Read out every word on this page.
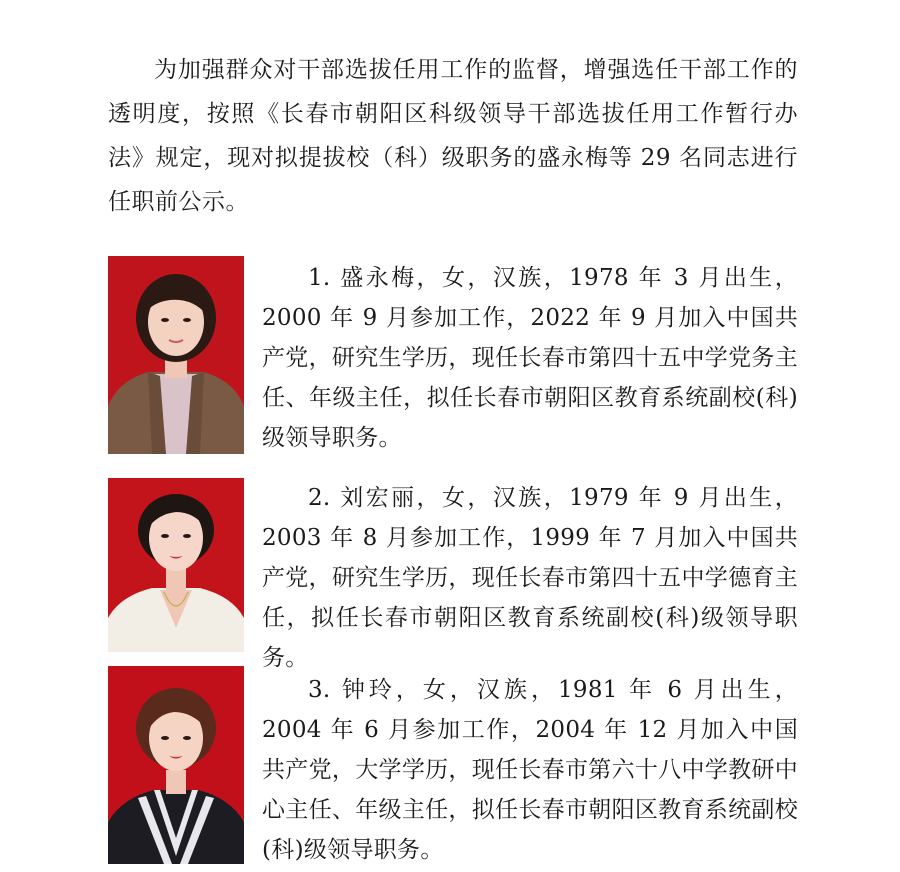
为加强群众对干部选拔任用工作的监督，增强选任干部工作的透明度，按照《长春市朝阳区科级领导干部选拔任用工作暂行办法》规定，现对拟提拔校（科）级职务的盛永梅等 29 名同志进行任职前公示。

1. 盛永梅，女，汉族，1978 年 3 月出生，2000 年 9 月参加工作，2022 年 9 月加入中国共产党，研究生学历，现任长春市第四十五中学党务主任、年级主任，拟任长春市朝阳区教育系统副校(科)级领导职务。

2. 刘宏丽，女，汉族，1979 年 9 月出生，2003 年 8 月参加工作，1999 年 7 月加入中国共产党，研究生学历，现任长春市第四十五中学德育主任，拟任长春市朝阳区教育系统副校(科)级领导职务。

3. 钟玲，女，汉族，1981 年 6 月出生，2004 年 6 月参加工作，2004 年 12 月加入中国共产党，大学学历，现任长春市第六十八中学教研中心主任、年级主任，拟任长春市朝阳区教育系统副校(科)级领导职务。
